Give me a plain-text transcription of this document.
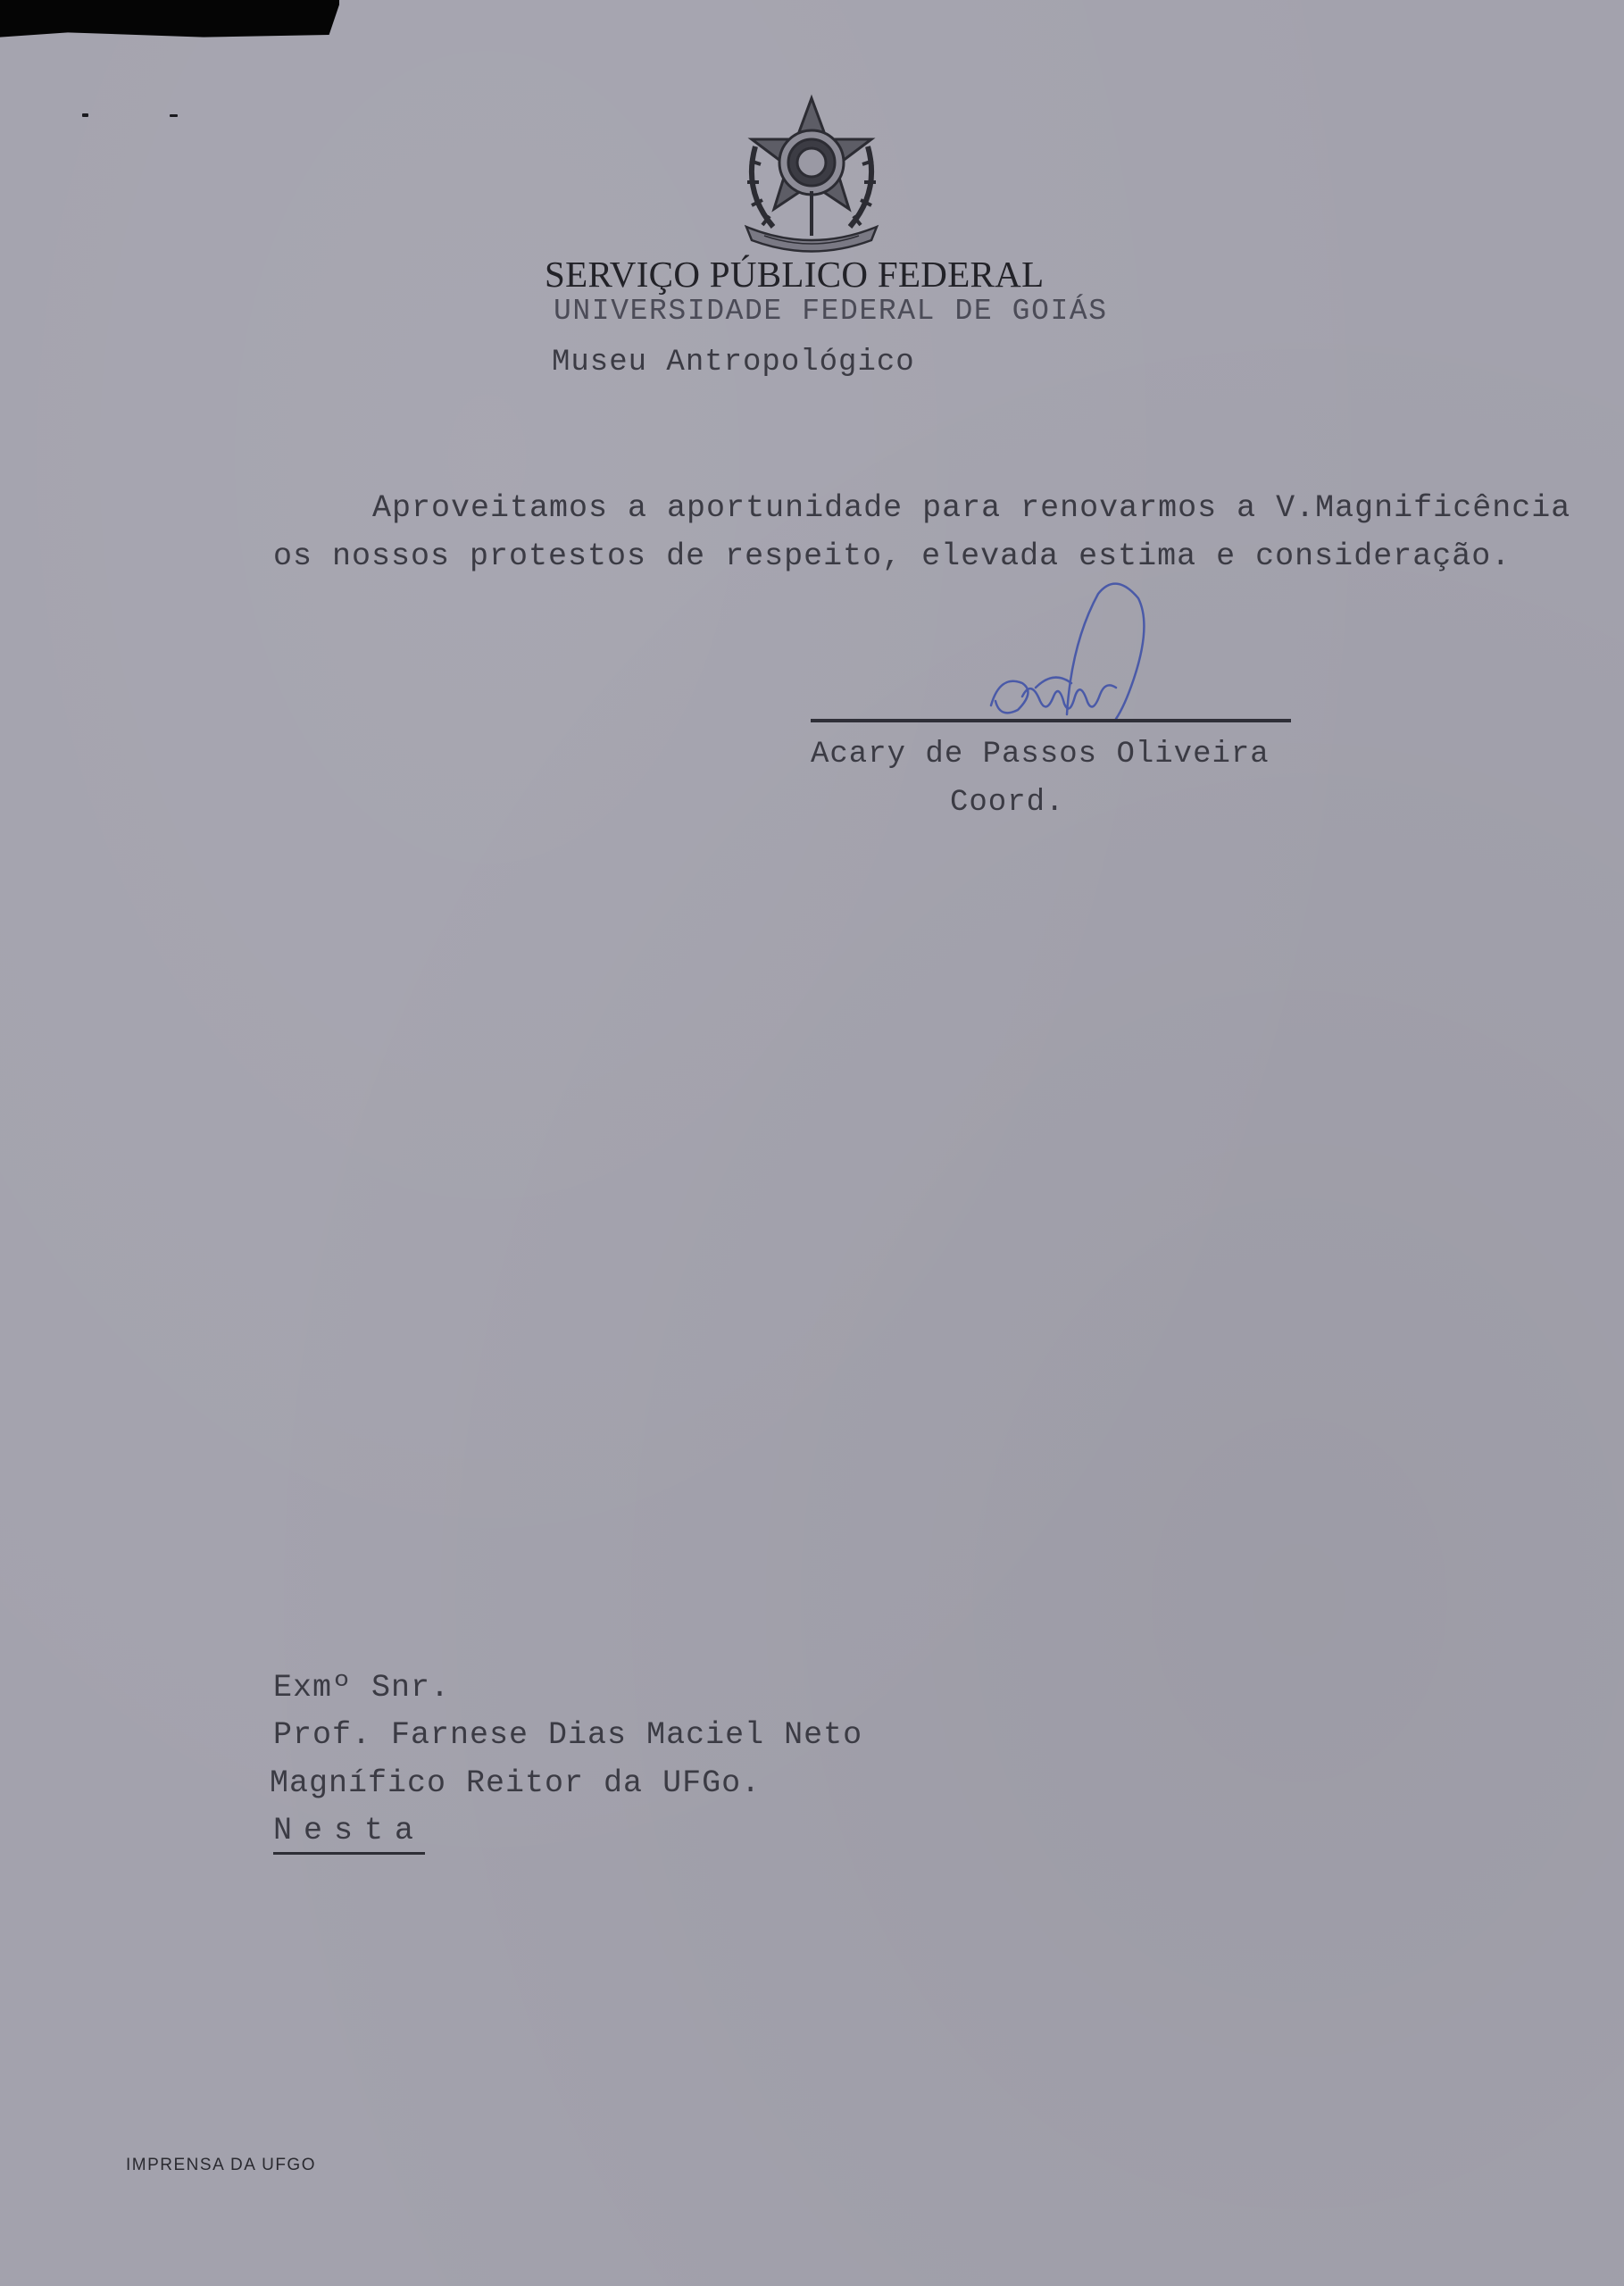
SERVIÇO PÚBLICO FEDERAL
UNIVERSIDADE FEDERAL DE GOIÁS
Museu Antropológico
Aproveitamos a aportunidade para renovarmos a V.Magnificência
os nossos protestos de respeito, elevada estima e consideração.
Acary de Passos Oliveira
Coord.
Exmº Snr.
Prof. Farnese Dias Maciel Neto
Magnífico Reitor da UFGo.
Nesta
IMPRENSA DA UFGO
